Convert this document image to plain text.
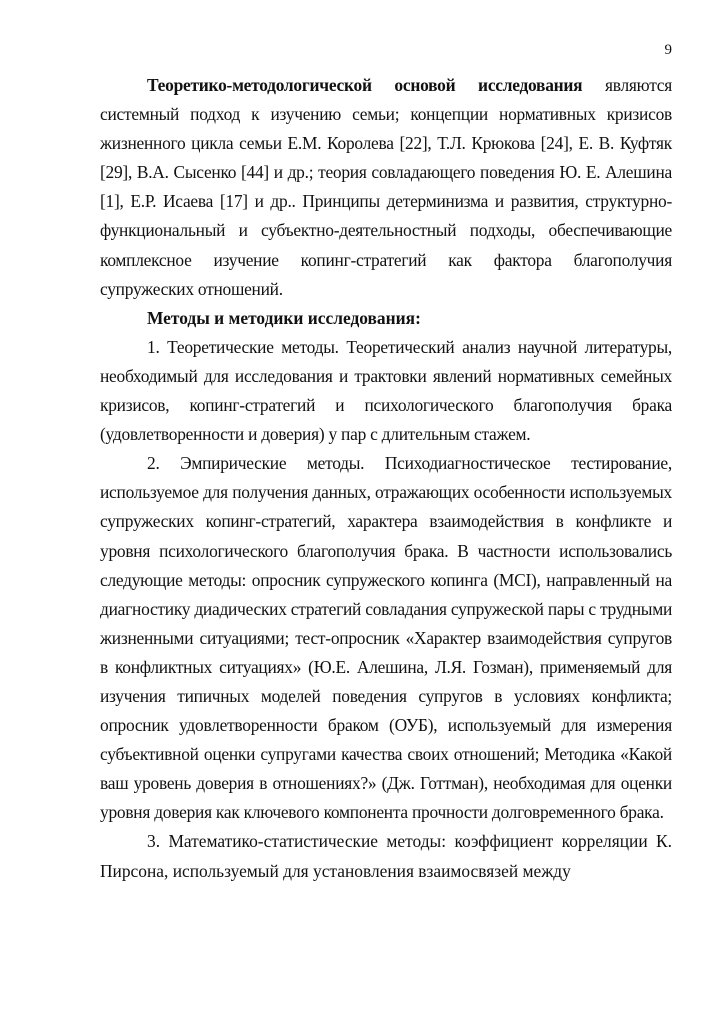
9

Теоретико-методологической основой исследования являются системный подход к изучению семьи; концепции нормативных кризисов жизненного цикла семьи Е.М. Королева [22], Т.Л. Крюкова [24], Е. В. Куфтяк [29], В.А. Сысенко [44] и др.; теория совладающего поведения Ю. Е. Алешина [1], Е.Р. Исаева [17] и др.. Принципы детерминизма и развития, структурно-функциональный и субъектно-деятельностный подходы, обеспечивающие комплексное изучение копинг-стратегий как фактора благополучия супружеских отношений.

Методы и методики исследования:

1. Теоретические методы. Теоретический анализ научной литературы, необходимый для исследования и трактовки явлений нормативных семейных кризисов, копинг-стратегий и психологического благополучия брака (удовлетворенности и доверия) у пар с длительным стажем.

2. Эмпирические методы. Психодиагностическое тестирование, используемое для получения данных, отражающих особенности используемых супружеских копинг-стратегий, характера взаимодействия в конфликте и уровня психологического благополучия брака. В частности использовались следующие методы: опросник супружеского копинга (MCI), направленный на диагностику диадических стратегий совладания супружеской пары с трудными жизненными ситуациями; тест-опросник «Характер взаимодействия супругов в конфликтных ситуациях» (Ю.Е. Алешина, Л.Я. Гозман), применяемый для изучения типичных моделей поведения супругов в условиях конфликта; опросник удовлетворенности браком (ОУБ), используемый для измерения субъективной оценки супругами качества своих отношений; Методика «Какой ваш уровень доверия в отношениях?» (Дж. Готтман), необходимая для оценки уровня доверия как ключевого компонента прочности долговременного брака.

3. Математико-статистические методы: коэффициент корреляции К. Пирсона, используемый для установления взаимосвязей между
